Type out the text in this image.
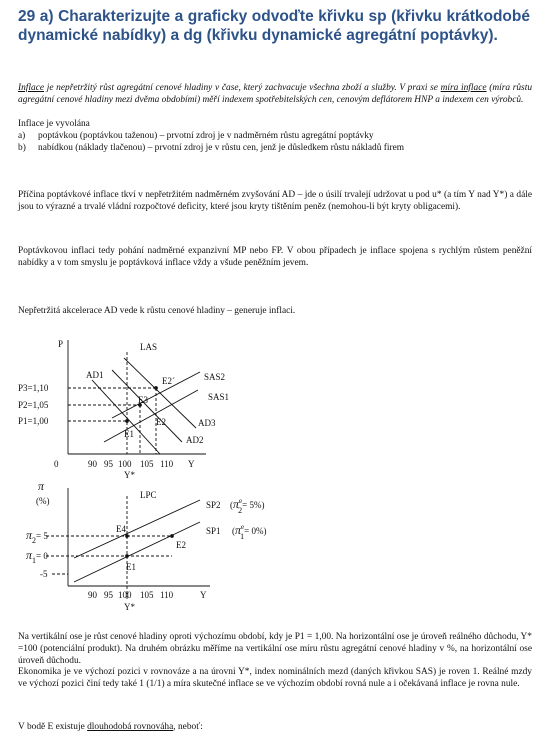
29 a) Charakterizujte a graficky odvoďte křivku sp (křivku krátkodobé dynamické nabídky) a dg (křivku dynamické agregátní poptávky).
Inflace je nepřetržitý růst agregátní cenové hladiny v čase, který zachvacuje všechna zboží a služby. V praxi se míra inflace (míra růstu agregátní cenové hladiny mezi dvěma obdobími) měří indexem spotřebitelských cen, cenovým deflátorem HNP a indexem cen výrobců.
Inflace je vyvolána
a)	poptávkou (poptávkou taženou) – prvotní zdroj je v nadměrném růstu agregátní poptávky
b)	nabídkou (náklady tlačenou) – prvotní zdroj je v růstu cen, jenž je důsledkem růstu nákladů firem
Příčina poptávkové inflace tkví v nepřetržitém nadměrném zvyšování AD – jde o úsilí trvalejí udržovat u pod u* (a tím Y nad Y*) a dále jsou to výrazné a trvalé vládní rozpočtové deficity, které jsou kryty tištěním peněz (nemohou-li být kryty obligacemi).
Poptávkovou inflaci tedy pohání nadměrné expanzivní MP nebo FP. V obou případech je inflace spojena s rychlým růstem peněžní nabídky a v tom smyslu je poptávková inflace vždy a všude peněžním jevem.
Nepřetržitá akcelerace AD vede k růstu cenové hladiny – generuje inflaci.
P
Y
0	90 95 100 105 110
Y*
P3=1,10
P2=1,05
P1=1,00
LAS
AD1
AD2
AD3
SAS1
SAS2
E1
E2
E3
E2´
π
(%)
Y
90 95 100 105 110
Y*
LPC
SP2
SP1
($\pi^e$ 2= 5%)
($\pi^e$ 1= 0%)
π2= 5
π1= 0
-5
E4
E1
E2
Na vertikální ose je růst cenové hladiny oproti výchozímu období, kdy je P1 = 1,00. Na horizontální ose je úroveň reálného důchodu, Y* =100 (potenciální produkt). Na druhém obrázku měříme na vertikální ose míru růstu agregátní cenové hladiny v %, na horizontální ose úroveň důchodu.
Ekonomika je ve výchozí pozici v rovnováze a na úrovni Y*, index nominálních mezd (daných křivkou SAS) je roven 1. Reálné mzdy ve výchozí pozici činí tedy také 1 (1/1) a míra skutečné inflace se ve výchozím období rovná nule a i očekávaná inflace je rovna nule.
V bodě E existuje dlouhodobá rovnováha, neboť:
